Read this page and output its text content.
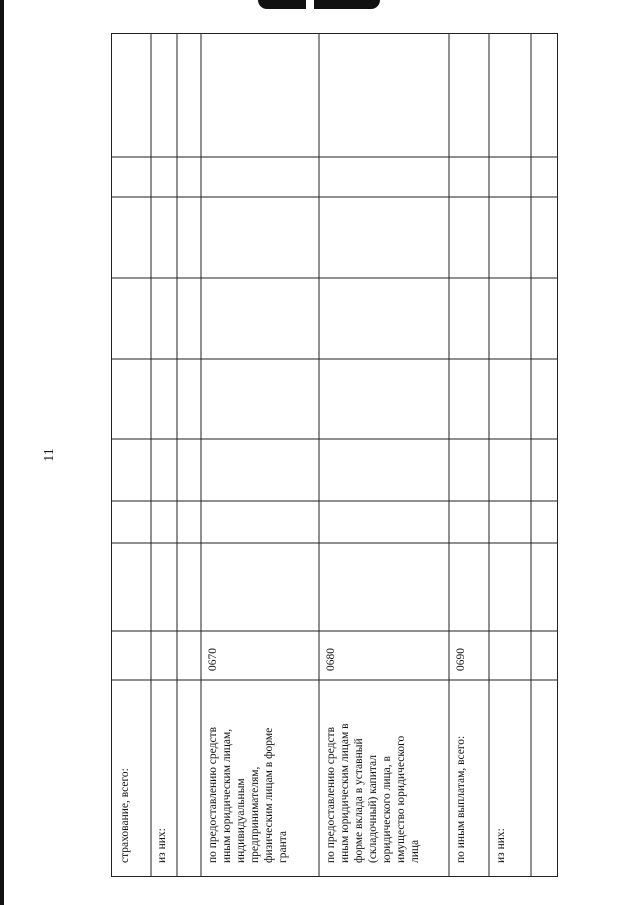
11
страхование, всего: из них:	по предоставлению средств иным юридическим лицам, индивидуальным предпринимателям, физическим лицам в форме гранта
0670
по предоставлению средств иным юридическим лицам в форме вклада в уставный (складочный) капитал юридического лица, в имущество юридического лица
0680
по иным выплатам, всего:
0690
из них:
